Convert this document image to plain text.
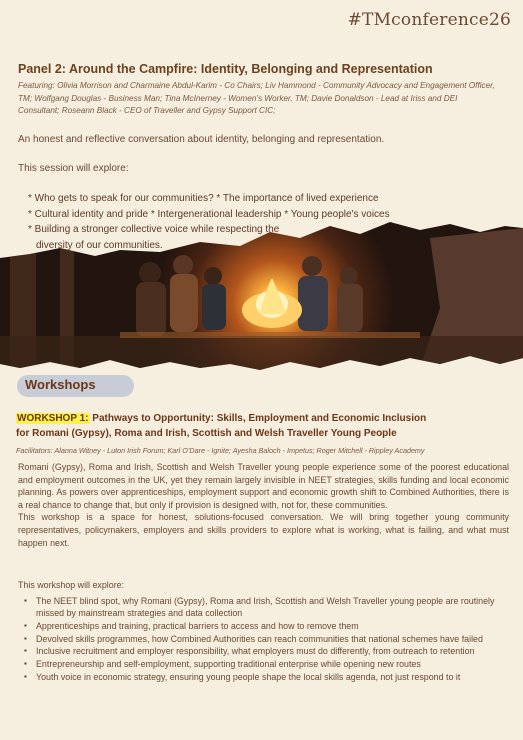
#TMconference26
Panel 2: Around the Campfire: Identity, Belonging and Representation
Featuring: Olivia Morrison and Charmaine Abdul-Karim - Co Chairs; Liv Hammond - Community Advocacy and Engagement Officer, TM; Wolfgang Douglas - Business Man; Tina McInerney - Women’s Worker, TM; Davie Donaldson - Lead at Iriss and DEI Consultant; Roseann Black - CEO of Traveller and Gypsy Support CIC;
An honest and reflective conversation about identity, belonging and representation.
This session will explore:
* Who gets to speak for our communities? * The importance of lived experience
* Cultural identity and pride * Intergenerational leadership * Young people's voices
* Building a stronger collective voice while respecting the
diversity of our communities.
Workshops
WORKSHOP 1: Pathways to Opportunity: Skills, Employment and Economic Inclusion
for Romani (Gypsy), Roma and Irish, Scottish and Welsh Traveller Young People
Facilitators: Alanna Witney - Luton Irish Forum; Karl O’Dare - Ignite; Ayesha Baloch - Impetus; Roger Mitchell - Rippley Academy
Romani (Gypsy), Roma and Irish, Scottish and Welsh Traveller young people experience some of the poorest educational and employment outcomes in the UK, yet they remain largely invisible in NEET strategies, skills funding and local economic planning. As powers over apprenticeships, employment support and economic growth shift to Combined Authorities, there is a real chance to change that, but only if provision is designed with, not for, these communities.
This workshop is a space for honest, solutions-focused conversation. We will bring together young community representatives, policymakers, employers and skills providers to explore what is working, what is failing, and what must happen next.
This workshop will explore:
▪ The NEET blind spot, why Romani (Gypsy), Roma and Irish, Scottish and Welsh Traveller young people are routinely missed by mainstream strategies and data collection
▪ Apprenticeships and training, practical barriers to access and how to remove them
▪ Devolved skills programmes, how Combined Authorities can reach communities that national schemes have failed
▪ Inclusive recruitment and employer responsibility, what employers must do differently, from outreach to retention
▪ Entrepreneurship and self-employment, supporting traditional enterprise while opening new routes
▪ Youth voice in economic strategy, ensuring young people shape the local skills agenda, not just respond to it
